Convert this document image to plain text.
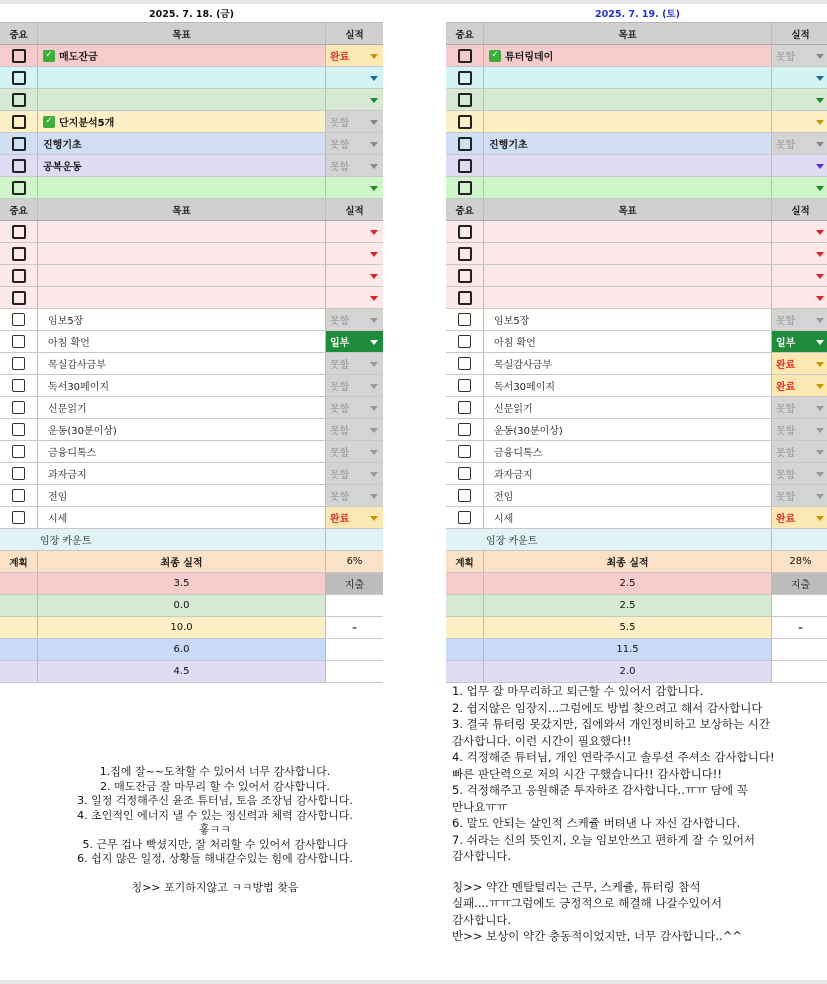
2025. 7. 18. (금)
중요	목표	실적
✓ 매도잔금	완료
✓ 단지분석5개	못함
진행기초	못함
공복운동	못함
중요	목표	실적
임보5장	못함
아침 확언	일부
목실감사금부	못함
독서30페이지	못함
신문읽기	못함
운동(30분이상)	못함
금융디톡스	못함
과자금지	못함
전임	못함
시세	완료
임장 카운트
계획	최종 실적	6%
3.5	지출
0.0
10.0	-
6.0
4.5
2025. 7. 19. (토)
중요	목표	실적
✓ 튜터링데이	못함
진행기초	못함
중요	목표	실적
임보5장	못함
아침 확언	일부
목실감사금부	완료
독서30페이지	완료
신문읽기	못함
운동(30분이상)	못함
금융디톡스	못함
과자금지	못함
전임	못함
시세	완료
임장 카운트
계획	최종 실적	28%
2.5	지출
2.5
5.5	-
11.5
2.0
1.집에 잘~~도착할 수 있어서 너무 감사합니다.
2. 매도잔금 잘 마무리 할 수 있어서 감사합니다.
3. 일정 걱정해주신 윤조 튜터님, 토음 조장님 감사합니다.
4. 초인적인 에너지 낼 수 있는 정신력과 체력 감사합니다.
홓ㅋㅋ
5. 근무 겁나 빡셨지만, 잘 처리할 수 있어서 감사합니다
6. 쉽지 않은 일정, 상황들 해내갈수있는 힘에 감사합니다.
칭>> 포기하지않고 ㅋㅋ방법 찾음
1. 업무 잘 마무리하고 퇴근할 수 있어서 감합니다.
2. 쉽지않은 임장지...그럼에도 방법 찾으려고 해서 감사합니다
3. 결국 튜터링 못갔지만, 집에와서 개인정비하고 보상하는 시간
감사합니다. 이런 시간이 필요했다!!
4. 걱정해준 튜터님, 개인 연락주시고 솔루션 주셔소 감사합니다!
빠른 판단력으로 저의 시간 구했습니다!! 감사합니다!!
5. 걱정해주고 응원해준 투자하조 감사합니다..ㅠㅠ 담에 꼭
만나요ㅠㅠ
6. 말도 안되는 살인적 스케쥴 버텨낸 나 자신 감사합니다.
7. 쉬라는 신의 뜻인지, 오늘 임보안쓰고 편하게 잘 수 있어서
감사합니다.
칭>> 약간 멘탈털리는 근무, 스케쥴, 튜터링 참석
실패....ㅠㅠ그럼에도 긍정적으로 해결해 나갈수있어서
감사합니다.
반>> 보상이 약간 충동적이었지만, 너무 감사합니다..^^
